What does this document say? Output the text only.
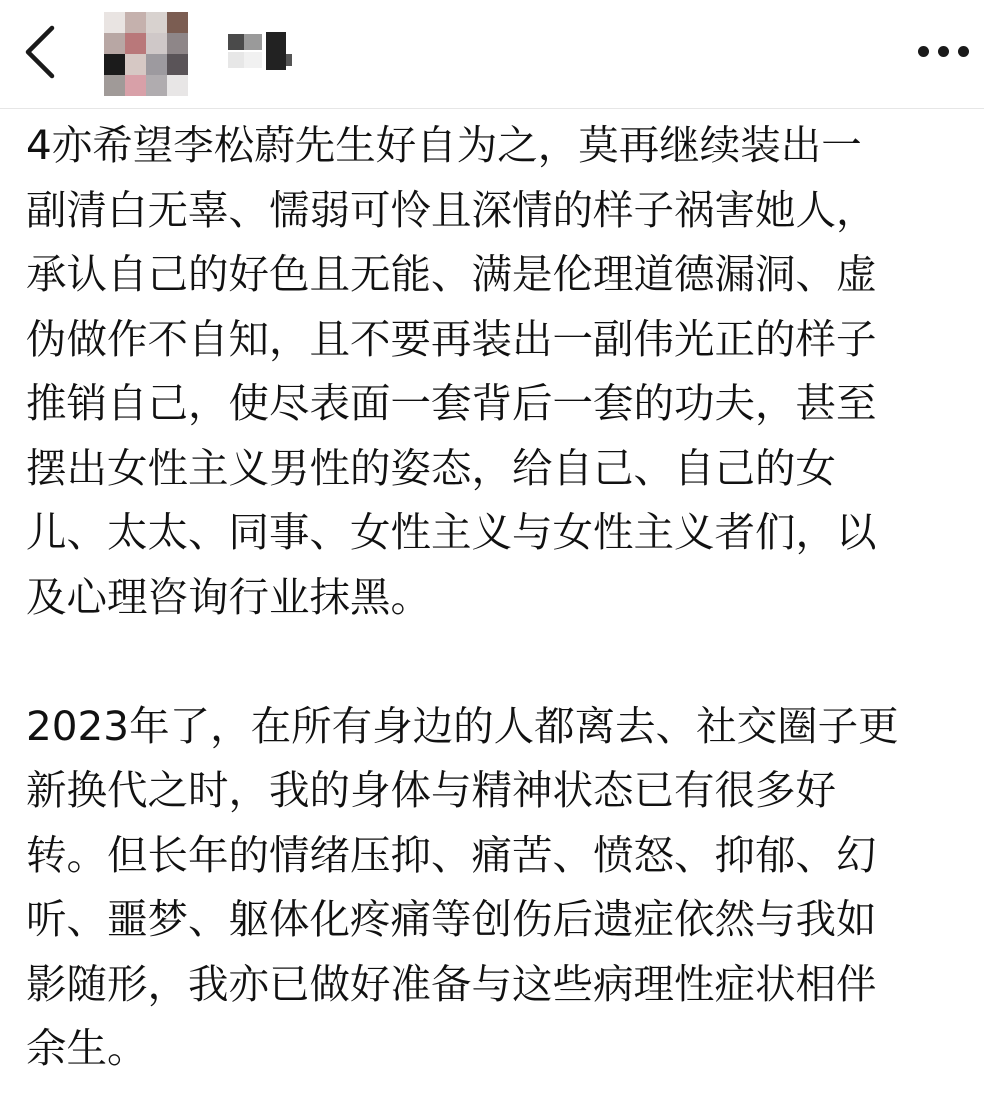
4亦希望李松蔚先生好自为之，莫再继续装出一
副清白无辜、懦弱可怜且深情的样子祸害她人，
承认自己的好色且无能、满是伦理道德漏洞、虚
伪做作不自知，且不要再装出一副伟光正的样子
推销自己，使尽表面一套背后一套的功夫，甚至
摆出女性主义男性的姿态，给自己、自己的女
儿、太太、同事、女性主义与女性主义者们，以
及心理咨询行业抹黑。

2023年了，在所有身边的人都离去、社交圈子更
新换代之时，我的身体与精神状态已有很多好
转。但长年的情绪压抑、痛苦、愤怒、抑郁、幻
听、噩梦、躯体化疼痛等创伤后遗症依然与我如
影随形，我亦已做好准备与这些病理性症状相伴
余生。
